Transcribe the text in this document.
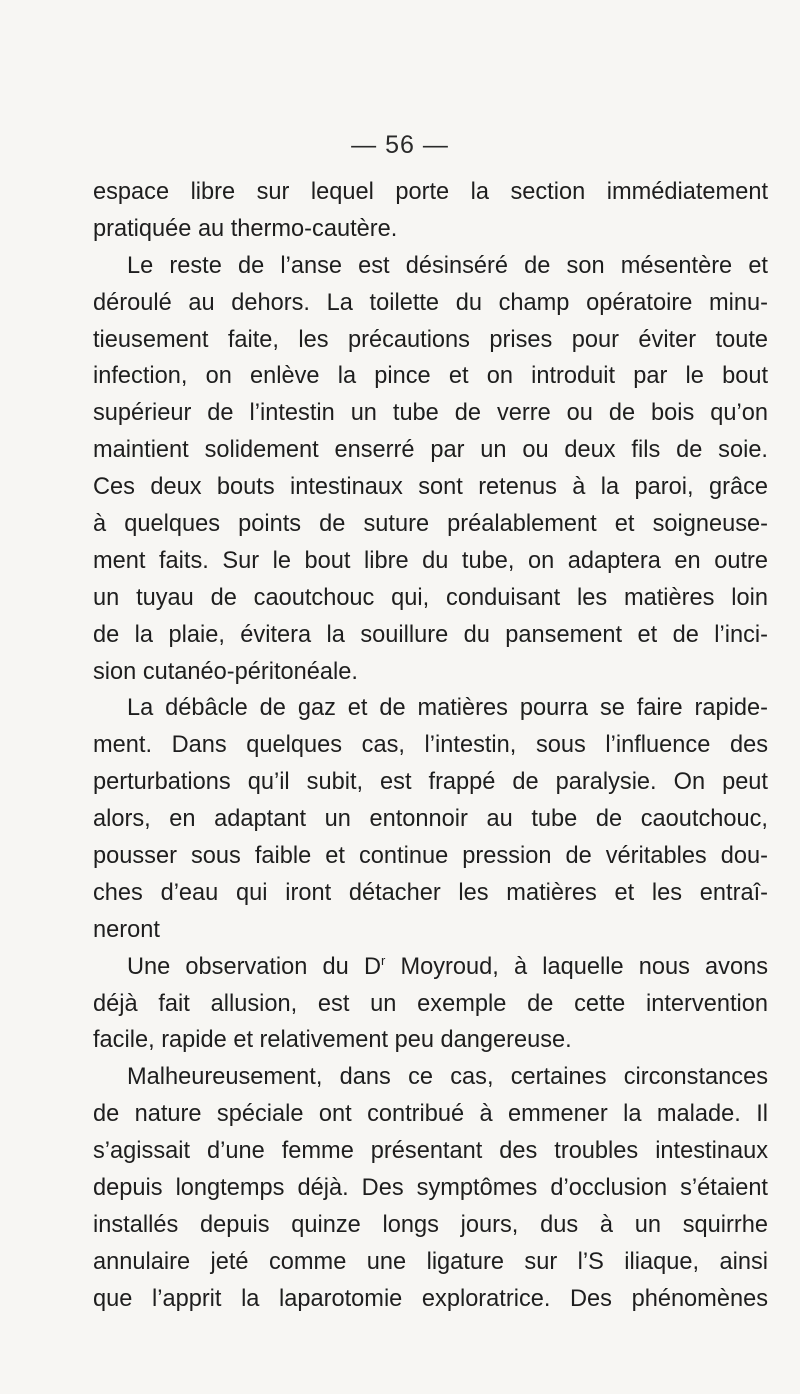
— 56 —
espace libre sur lequel porte la section immédiatement
pratiquée au thermo-cautère.
Le reste de l’anse est désinséré de son mésentère et
déroulé au dehors. La toilette du champ opératoire minu-
tieusement faite, les précautions prises pour éviter toute
infection, on enlève la pince et on introduit par le bout
supérieur de l’intestin un tube de verre ou de bois qu’on
maintient solidement enserré par un ou deux fils de soie.
Ces deux bouts intestinaux sont retenus à la paroi, grâce
à quelques points de suture préalablement et soigneuse-
ment faits. Sur le bout libre du tube, on adaptera en outre
un tuyau de caoutchouc qui, conduisant les matières loin
de la plaie, évitera la souillure du pansement et de l’inci-
sion cutanéo-péritonéale.
La débâcle de gaz et de matières pourra se faire rapide-
ment. Dans quelques cas, l’intestin, sous l’influence des
perturbations qu’il subit, est frappé de paralysie. On peut
alors, en adaptant un entonnoir au tube de caoutchouc,
pousser sous faible et continue pression de véritables dou-
ches d’eau qui iront détacher les matières et les entraî-
neront
Une observation du $D^r$ Moyroud, à laquelle nous avons
déjà fait allusion, est un exemple de cette intervention
facile, rapide et relativement peu dangereuse.
Malheureusement, dans ce cas, certaines circonstances
de nature spéciale ont contribué à emmener la malade. Il
s’agissait d’une femme présentant des troubles intestinaux
depuis longtemps déjà. Des symptômes d’occlusion s’étaient
installés depuis quinze longs jours, dus à un squirrhe
annulaire jeté comme une ligature sur l’S iliaque, ainsi
que l’apprit la laparotomie exploratrice. Des phénomènes
